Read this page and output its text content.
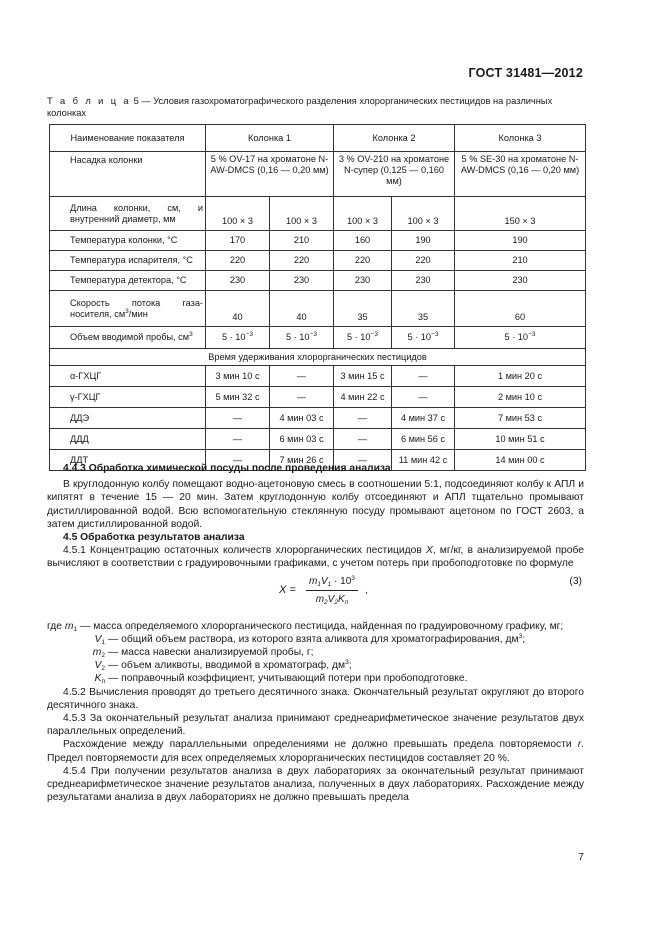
ГОСТ 31481—2012
Т а б л и ц а 5 — Условия газохроматографического разделения хлорорганических пестицидов на различных колонках
Наименование показателя	Колонка 1		Колонка 2		Колонка 3
Насадка колонки	5 % OV-17 на хроматоне N-AW-DMCS (0,16 — 0,20 мм)		3 % OV-210 на хроматоне N-супер (0,125 — 0,160 мм)		5 % SE-30 на хроматоне N-AW-DMCS (0,16 — 0,20 мм)
Длина колонки, см, и внутренний диаметр, мм	100 × 3	100 × 3	100 × 3	100 × 3	150 × 3
Температура колонки, °С	170	210	160	190	190
Температура испарителя, °С	220	220	220	220	210
Температура детектора, °С	230	230	230	230	230
Скорость потока газа-носителя, $см^3$/мин	40	40	35	35	60
Объем вводимой пробы, $см^3$	$5 \cdot 10^{-3}$	$5 \cdot 10^{-3}$	$5 \cdot 10^{-3}$	$5 \cdot 10^{-3}$	$5 \cdot 10^{-3}$
Время удерживания хлорорганических пестицидов					
α-ГХЦГ	3 мин 10 с	—	3 мин 15 с	—	1 мин 20 с
γ-ГХЦГ	5 мин 32 с	—	4 мин 22 с	—	2 мин 10 с
ДДЭ	—	4 мин 03 с	—	4 мин 37 с	7 мин 53 с
ДДД	—	6 мин 03 с	—	6 мин 56 с	10 мин 51 с
ДДТ	—	7 мин 26 с	—	11 мин 42 с	14 мин 00 с

4.4.3 Обработка химической посуды после проведения анализа

В круглодонную колбу помещают водно-ацетоновую смесь в соотношении 5:1, подсоединяют колбу к АПЛ и кипятят в течение 15 — 20 мин. Затем круглодонную колбу отсоединяют и АПЛ тщательно промывают дистиллированной водой. Всю вспомогательную стеклянную посуду промывают ацетоном по ГОСТ 2603, а затем дистиллированной водой.

4.5 Обработка результатов анализа

4.5.1 Концентрацию остаточных количеств хлорорганических пестицидов X, мг/кг, в анализируемой пробе вычисляют в соответствии с градуировочными графиками, с учетом потерь при пробоподготовке по формуле

X =
$m_1V_1 \cdot 10^3$
$m_2V_2K_п$
,
(3)
где $m_1$ — масса определяемого хлорорганического пестицида, найденная по градуировочному графику, мг;
$V_1$ — общий объем раствора, из которого взята аликвота для хроматографирования, $дм^3$;
$m_2$ — масса навески анализируемой пробы, г;
$V_2$ — объем аликвоты, вводимой в хроматограф, $дм^3$;
$K_п$ — поправочный коэффициент, учитывающий потери при пробоподготовке.

4.5.2 Вычисления проводят до третьего десятичного знака. Окончательный результат округляют до второго десятичного знака.

4.5.3 За окончательный результат анализа принимают среднеарифметическое значение результатов двух параллельных определений.

Расхождение между параллельными определениями не должно превышать предела повторяемости r. Предел повторяемости для всех определяемых хлорорганических пестицидов составляет 20 %.

4.5.4 При получении результатов анализа в двух лабораториях за окончательный результат принимают среднеарифметическое значение результатов анализа, полученных в двух лабораториях. Расхождение между результатами анализа в двух лабораториях не должно превышать предела

7
